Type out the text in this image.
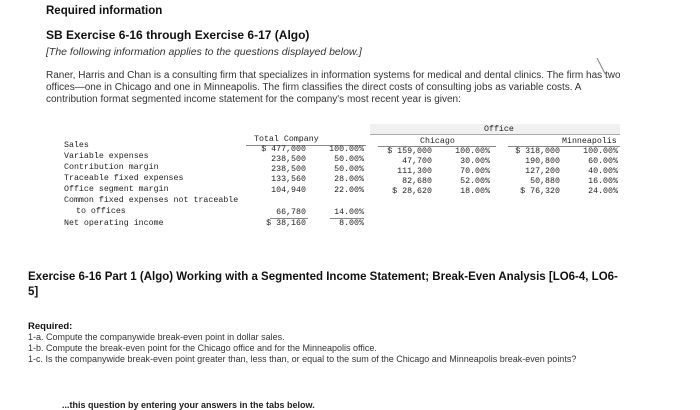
Required information
SB Exercise 6-16 through Exercise 6-17 (Algo)
[The following information applies to the questions displayed below.]
╲
Raner, Harris and Chan is a consulting firm that specializes in information systems for medical and dental clinics. The firm has two offices—one in Chicago and one in Minneapolis. The firm classifies the direct costs of consulting jobs as variable costs. A contribution format segmented income statement for the company's most recent year is given:
Office
Total Company	Chicago	Minneapolis
Sales
Variable expenses
Contribution margin
Traceable fixed expenses
Office segment margin
Common fixed expenses not traceable
to offices
Net operating income
$ 477,000
238,500
238,500
133,560
104,940
66,780
$ 38,160
100.00%
50.00%
50.00%
28.00%
22.00%
14.00%
8.00%
$ 159,000
47,700
111,300
82,680
$ 28,620
100.00%
30.00%
70.00%
52.00%
18.00%
$ 318,000
190,800
127,200
50,880
$ 76,320
100.00%
60.00%
40.00%
16.00%
24.00%
Exercise 6-16 Part 1 (Algo) Working with a Segmented Income Statement; Break-Even Analysis [LO6-4, LO6-5]
Required:
1-a. Compute the companywide break-even point in dollar sales.
1-b. Compute the break-even point for the Chicago office and for the Minneapolis office.
1-c. Is the companywide break-even point greater than, less than, or equal to the sum of the Chicago and Minneapolis break-even points?
...this question by entering your answers in the tabs below.
